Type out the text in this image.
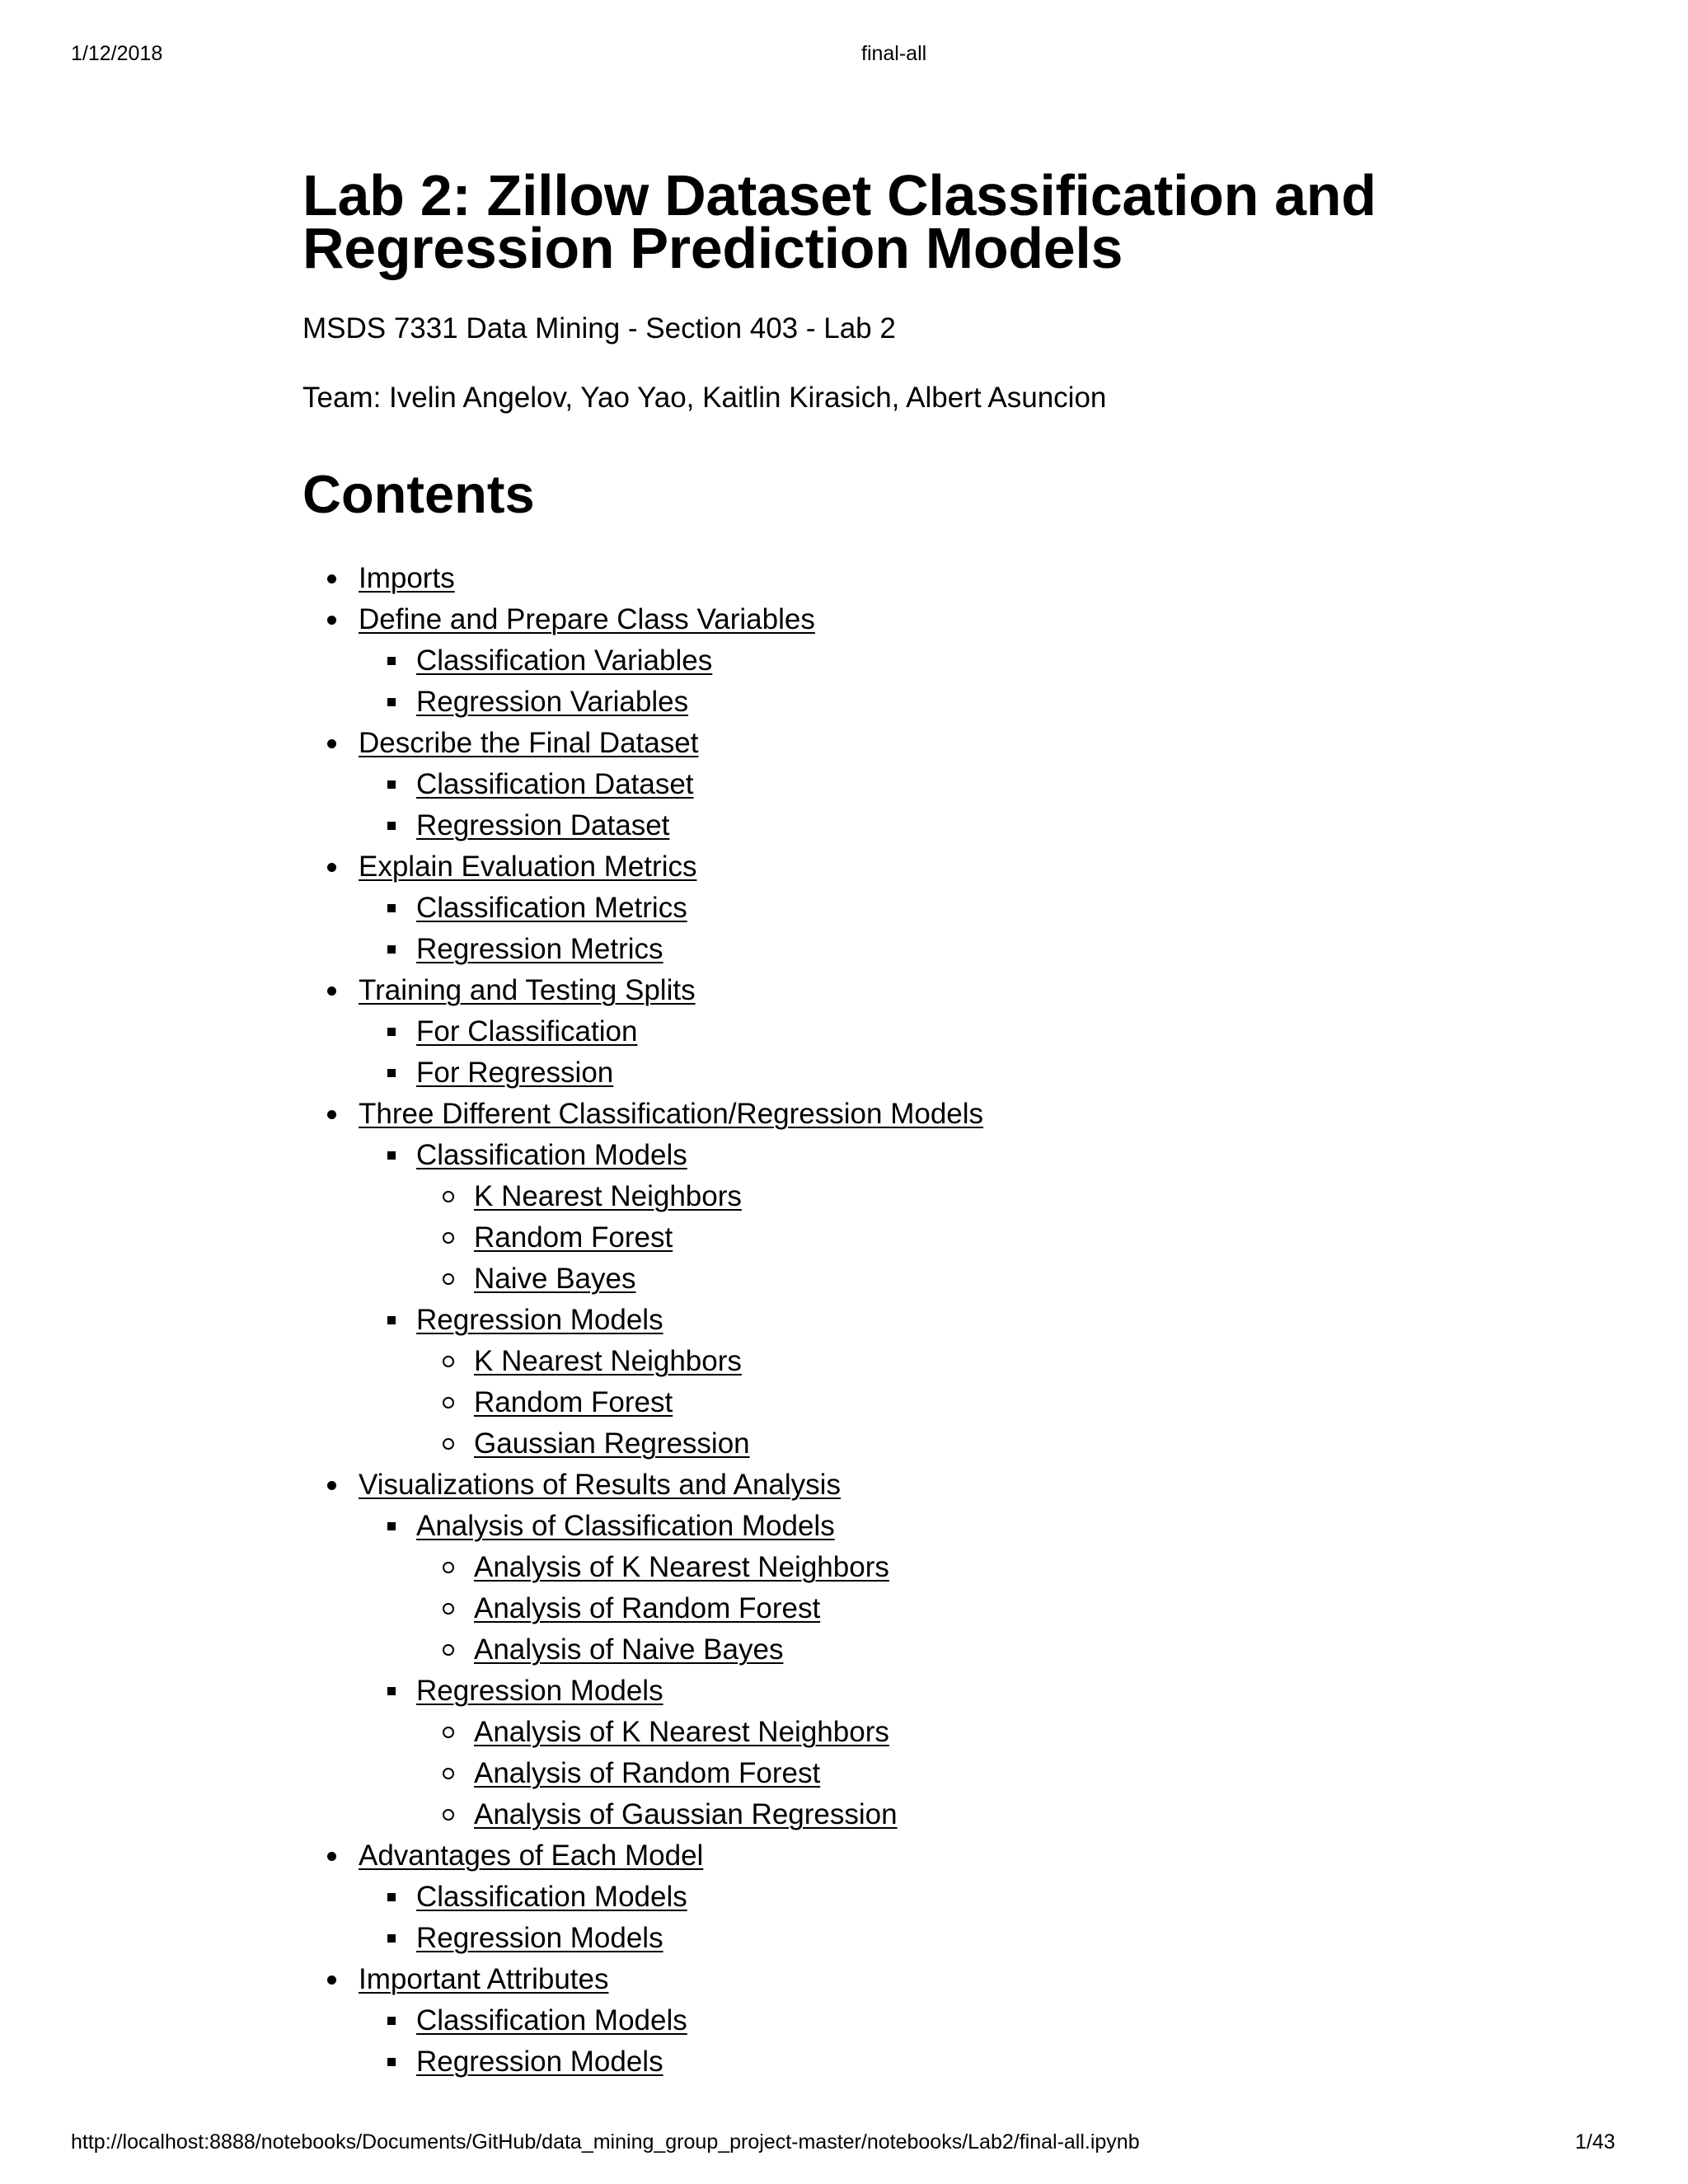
1/12/2018	final-all
Lab 2: Zillow Dataset Classification and Regression Prediction Models

MSDS 7331 Data Mining - Section 403 - Lab 2

Team: Ivelin Angelov, Yao Yao, Kaitlin Kirasich, Albert Asuncion

Contents
Imports
Define and Prepare Class Variables
Classification Variables
Regression Variables
Describe the Final Dataset
Classification Dataset
Regression Dataset
Explain Evaluation Metrics
Classification Metrics
Regression Metrics
Training and Testing Splits
For Classification
For Regression
Three Different Classification/Regression Models
Classification Models
K Nearest Neighbors
Random Forest
Naive Bayes
Regression Models
K Nearest Neighbors
Random Forest
Gaussian Regression
Visualizations of Results and Analysis
Analysis of Classification Models
Analysis of K Nearest Neighbors
Analysis of Random Forest
Analysis of Naive Bayes
Regression Models
Analysis of K Nearest Neighbors
Analysis of Random Forest
Analysis of Gaussian Regression
Advantages of Each Model
Classification Models
Regression Models
Important Attributes
Classification Models
Regression Models
http://localhost:8888/notebooks/Documents/GitHub/data_mining_group_project-master/notebooks/Lab2/final-all.ipynb	1/43
